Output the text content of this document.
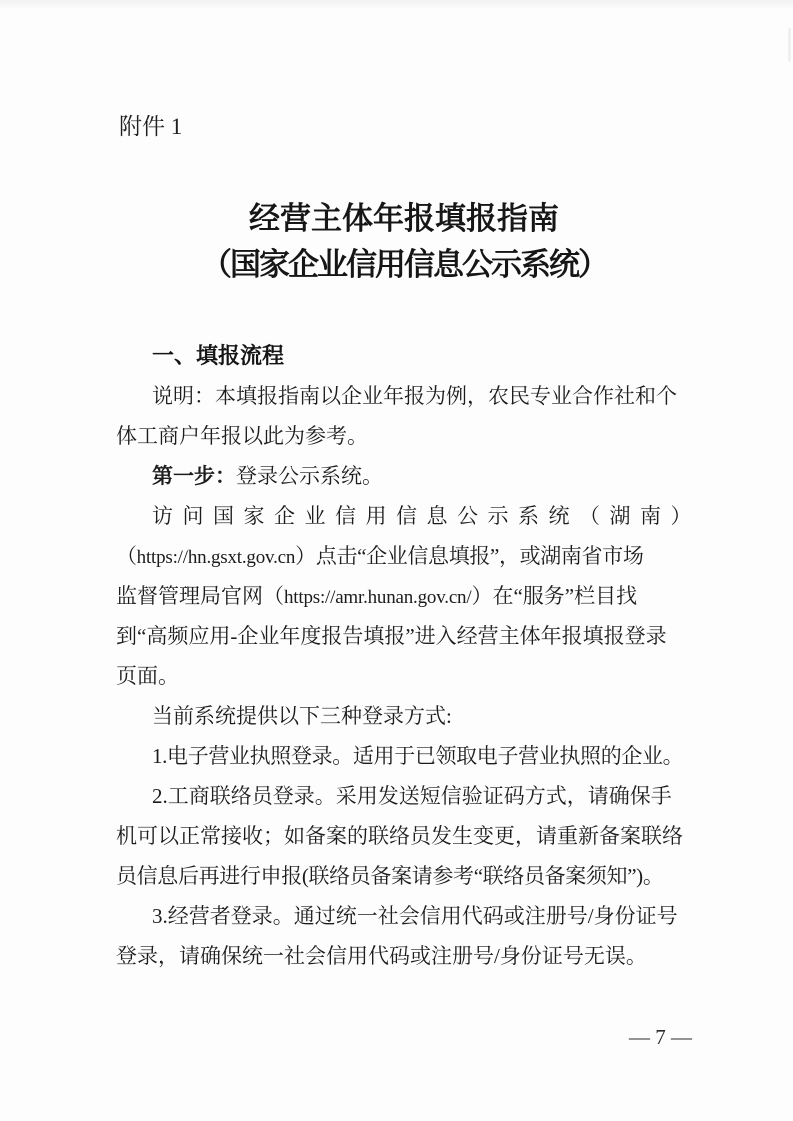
附件 1
经营主体年报填报指南
（国家企业信用信息公示系统）
一、填报流程
说明：本填报指南以企业年报为例，农民专业合作社和个
体工商户年报以此为参考。
第一步：登录公示系统。
访问国家企业信用信息公示系统（湖南）
（https://hn.gsxt.gov.cn）点击“企业信息填报”，或湖南省市场
监督管理局官网（https://amr.hunan.gov.cn/）在“服务”栏目找
到“高频应用-企业年度报告填报”进入经营主体年报填报登录
页面。
当前系统提供以下三种登录方式:
1.电子营业执照登录。适用于已领取电子营业执照的企业。
2.工商联络员登录。采用发送短信验证码方式，请确保手
机可以正常接收；如备案的联络员发生变更，请重新备案联络
员信息后再进行申报(联络员备案请参考“联络员备案须知”)。
3.经营者登录。通过统一社会信用代码或注册号/身份证号
登录，请确保统一社会信用代码或注册号/身份证号无误。
— 7 —
